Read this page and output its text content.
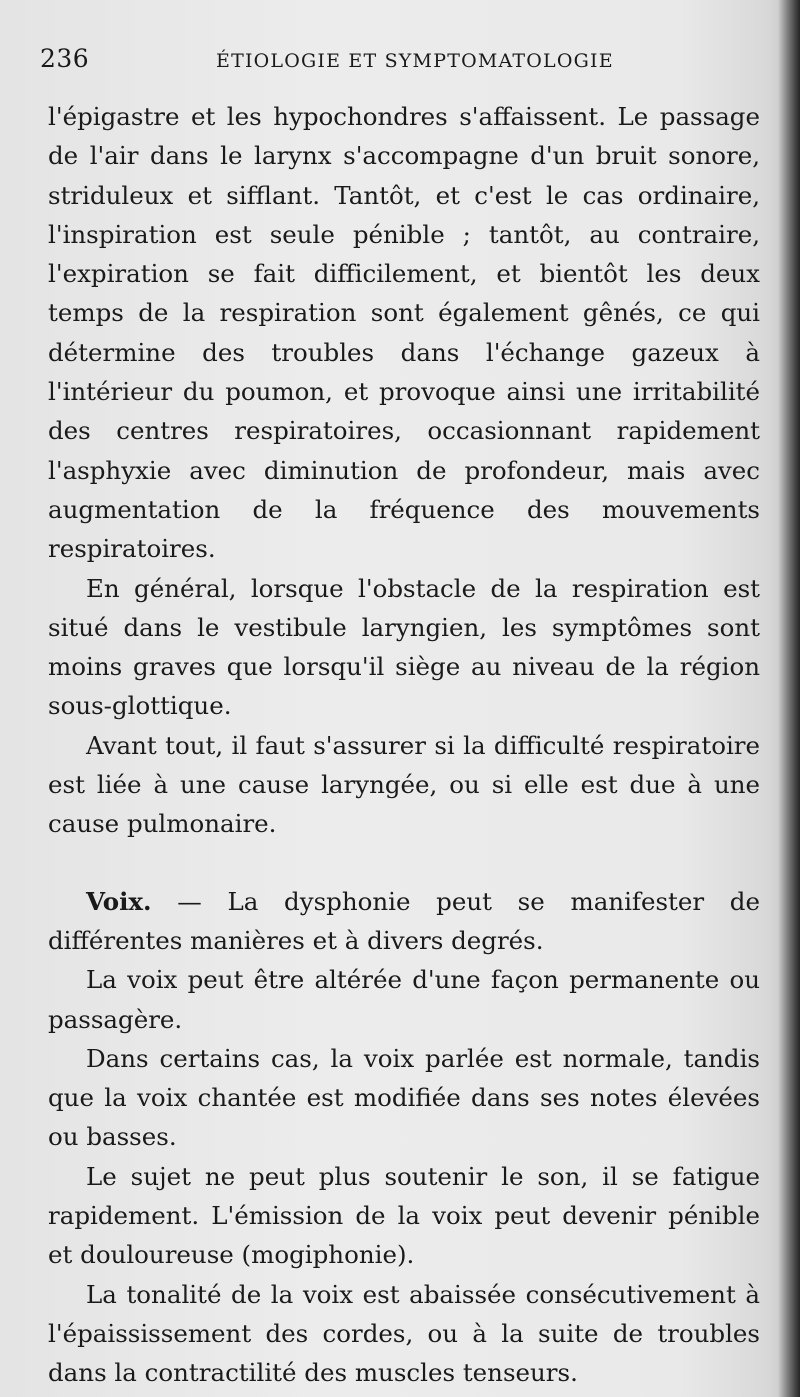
236	ÉTIOLOGIE ET SYMPTOMATOLOGIE

l'épigastre et les hypochondres s'affaissent. Le passage de l'air dans le larynx s'accompagne d'un bruit sonore, striduleux et sifflant. Tantôt, et c'est le cas ordinaire, l'inspiration est seule pénible ; tantôt, au contraire, l'expiration se fait difficilement, et bientôt les deux temps de la respiration sont également gênés, ce qui détermine des troubles dans l'échange gazeux à l'intérieur du poumon, et provoque ainsi une irritabilité des centres respiratoires, occasionnant rapidement l'asphyxie avec diminution de profondeur, mais avec augmentation de la fréquence des mouvements respiratoires.

En général, lorsque l'obstacle de la respiration est situé dans le vestibule laryngien, les symptômes sont moins graves que lorsqu'il siège au niveau de la région sous-glottique.

Avant tout, il faut s'assurer si la difficulté respiratoire est liée à une cause laryngée, ou si elle est due à une cause pulmonaire.

Voix. — La dysphonie peut se manifester de différentes manières et à divers degrés.

La voix peut être altérée d'une façon permanente ou passagère.

Dans certains cas, la voix parlée est normale, tandis que la voix chantée est modifiée dans ses notes élevées ou basses.

Le sujet ne peut plus soutenir le son, il se fatigue rapidement. L'émission de la voix peut devenir pénible et douloureuse (mogiphonie).

La tonalité de la voix est abaissée consécutivement à l'épaississement des cordes, ou à la suite de troubles dans la contractilité des muscles tenseurs.
